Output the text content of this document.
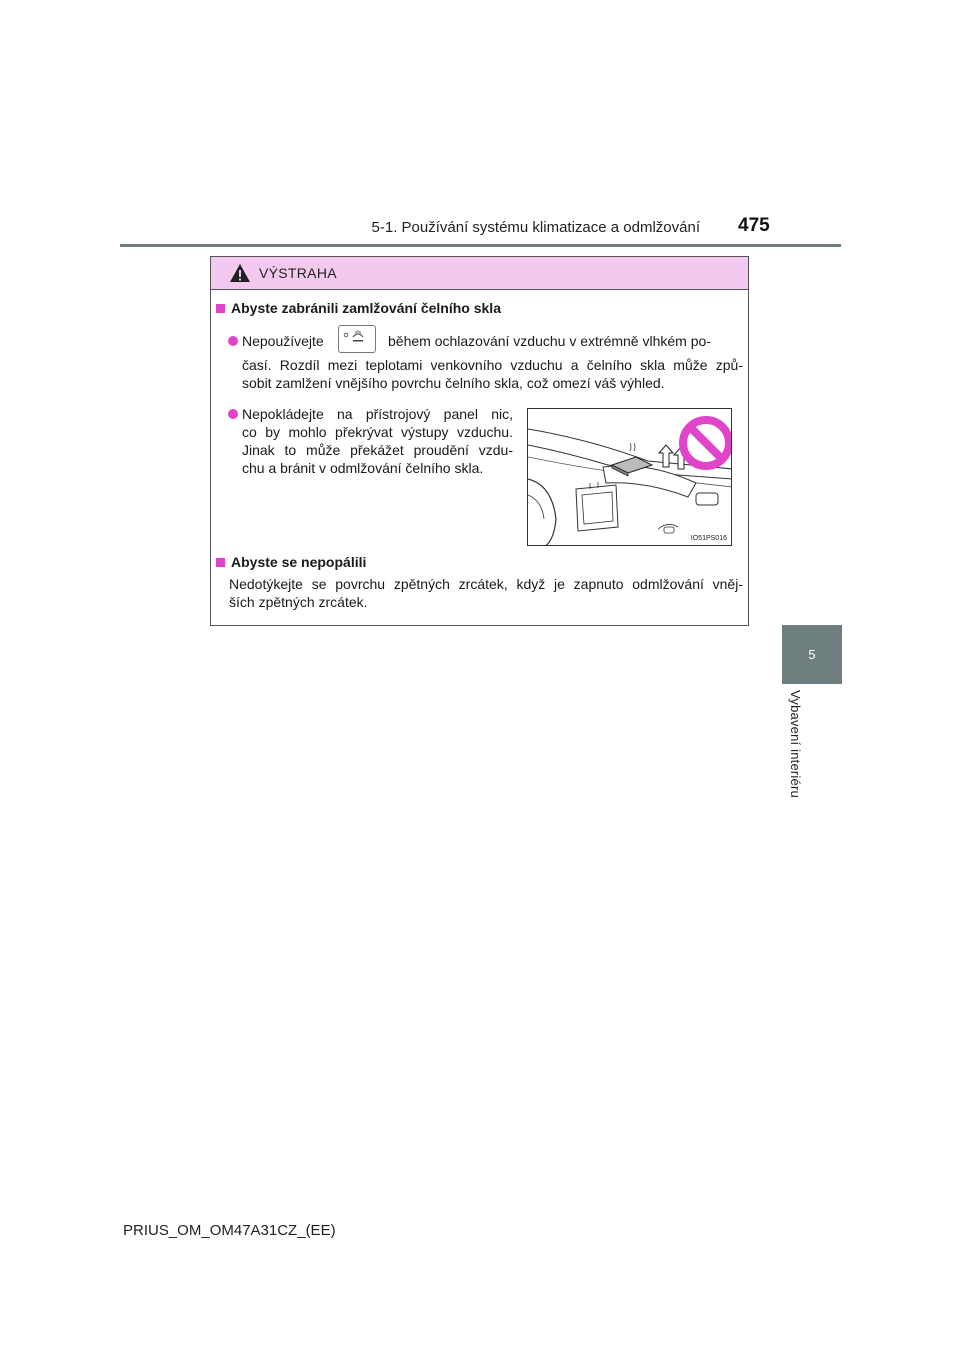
5-1. Používání systému klimatizace a odmlžování 475
5
Vybavení interiéru
VÝSTRAHA
Abyste zabránili zamlžování čelního skla
Nepoužívejte	během ochlazování vzduchu v extrémně vlhkém po-
časí. Rozdíl mezi teplotami venkovního vzduchu a čelního skla může způ-
sobit zamlžení vnějšího povrchu čelního skla, což omezí váš výhled.
Nepokládejte na přístrojový panel nic,
co by mohlo překrývat výstupy vzduchu.
Jinak to může překážet proudění vzdu-
chu a bránit v odmlžování čelního skla.
IO51PS016
Abyste se nepopálili
Nedotýkejte se povrchu zpětných zrcátek, když je zapnuto odmlžování vněj-
ších zpětných zrcátek.
PRIUS_OM_OM47A31CZ_(EE)
